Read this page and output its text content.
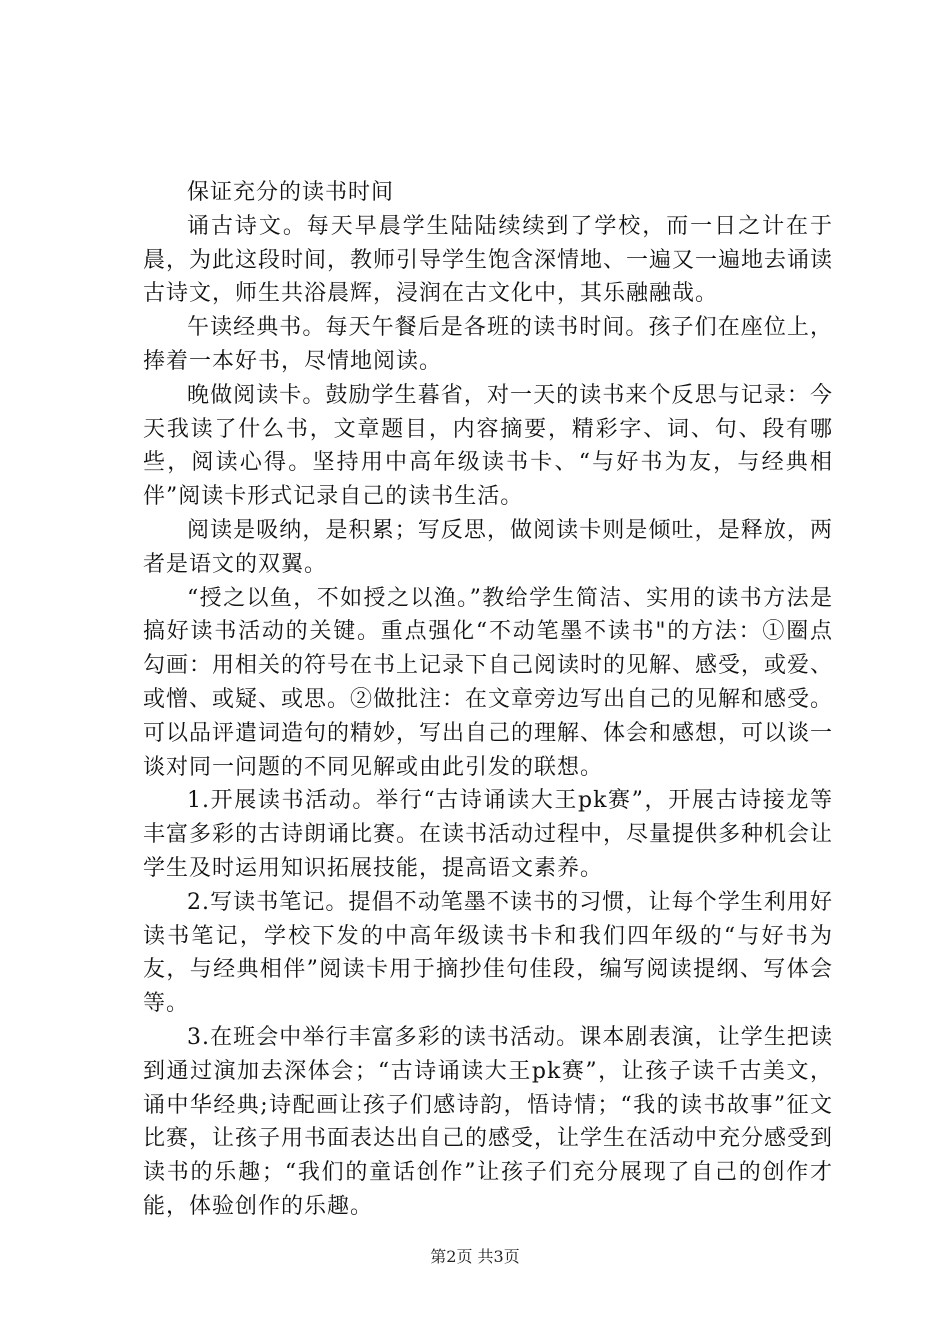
保证充分的读书时间

诵古诗文。每天早晨学生陆陆续续到了学校，而一日之计在于晨，为此这段时间，教师引导学生饱含深情地、一遍又一遍地去诵读古诗文，师生共浴晨辉，浸润在古文化中，其乐融融哉。

午读经典书。每天午餐后是各班的读书时间。孩子们在座位上，捧着一本好书，尽情地阅读。

晚做阅读卡。鼓励学生暮省，对一天的读书来个反思与记录：今天我读了什么书，文章题目，内容摘要，精彩字、词、句、段有哪些，阅读心得。坚持用中高年级读书卡、“与好书为友，与经典相伴”阅读卡形式记录自己的读书生活。

阅读是吸纳，是积累；写反思，做阅读卡则是倾吐，是释放，两者是语文的双翼。

“授之以鱼，不如授之以渔。”教给学生简洁、实用的读书方法是搞好读书活动的关键。重点强化“不动笔墨不读书"的方法：①圈点勾画：用相关的符号在书上记录下自己阅读时的见解、感受，或爱、或憎、或疑、或思。②做批注：在文章旁边写出自己的见解和感受。可以品评遣词造句的精妙，写出自己的理解、体会和感想，可以谈一谈对同一问题的不同见解或由此引发的联想。

1.开展读书活动。举行“古诗诵读大王pk赛”，开展古诗接龙等丰富多彩的古诗朗诵比赛。在读书活动过程中，尽量提供多种机会让学生及时运用知识拓展技能，提高语文素养。

2.写读书笔记。提倡不动笔墨不读书的习惯，让每个学生利用好读书笔记，学校下发的中高年级读书卡和我们四年级的“与好书为友，与经典相伴”阅读卡用于摘抄佳句佳段，编写阅读提纲、写体会等。

3.在班会中举行丰富多彩的读书活动。课本剧表演，让学生把读到通过演加去深体会；“古诗诵读大王pk赛”，让孩子读千古美文，诵中华经典;诗配画让孩子们感诗韵，悟诗情；“我的读书故事”征文比赛，让孩子用书面表达出自己的感受，让学生在活动中充分感受到读书的乐趣；“我们的童话创作”让孩子们充分展现了自己的创作才能，体验创作的乐趣。

第2页 共3页
